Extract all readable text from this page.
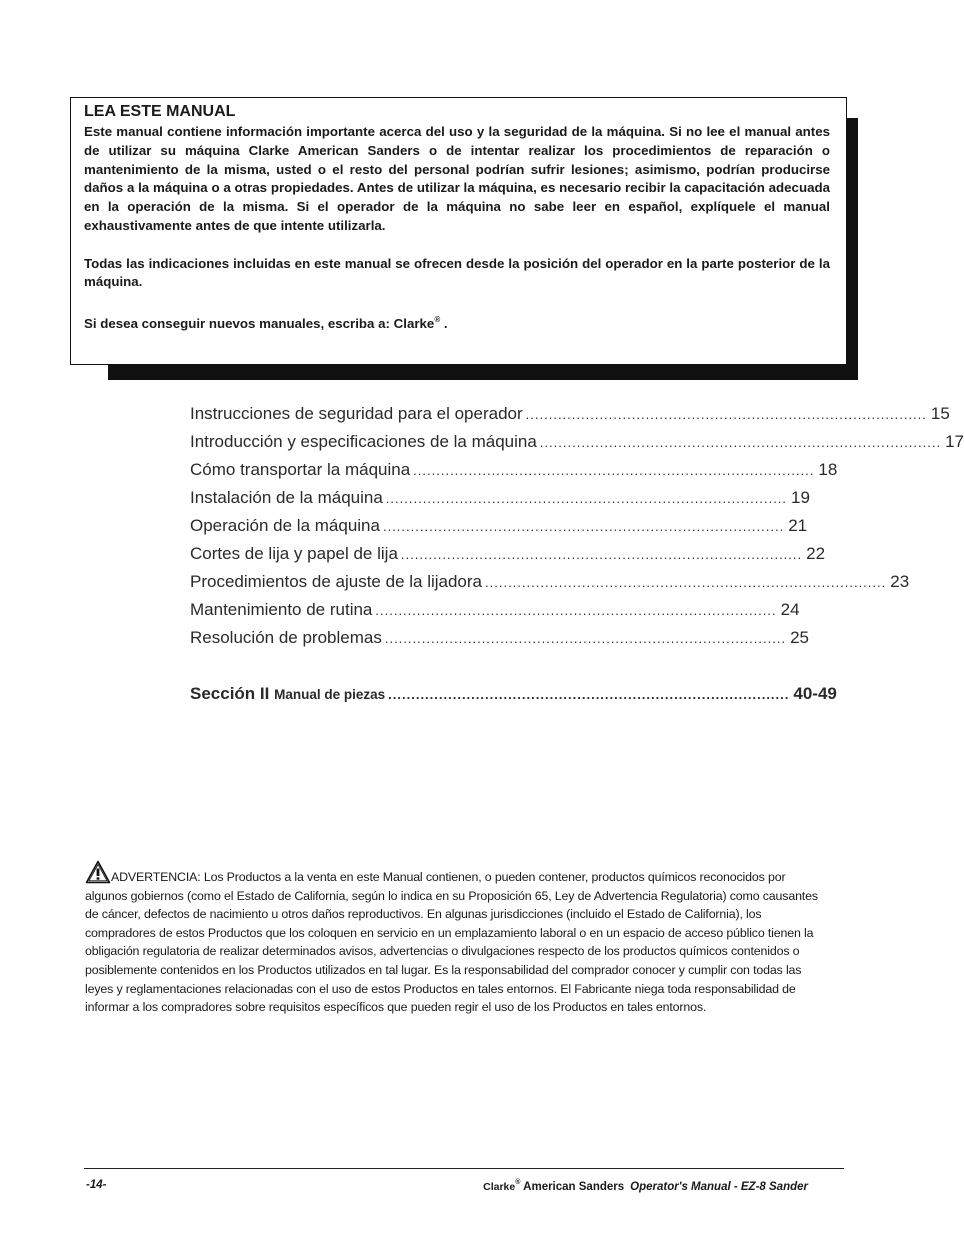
LEA ESTE MANUAL

Este manual contiene información importante acerca del uso y la seguridad de la máquina. Si no lee el manual antes de utilizar su máquina Clarke American Sanders o de intentar realizar los procedimientos de reparación o mantenimiento de la misma, usted o el resto del personal podrían sufrir lesiones; asimismo, podrían producirse daños a la máquina o a otras propiedades. Antes de utilizar la máquina, es necesario recibir la capacitación adecuada en la operación de la misma. Si el operador de la máquina no sabe leer en español, explíquele el manual exhaustivamente antes de que intente utilizarla.

Todas las indicaciones incluidas en este manual se ofrecen desde la posición del operador en la parte posterior de la máquina.

Si desea conseguir nuevos manuales, escriba a: Clarke® .

Instrucciones de seguridad para el operador ....................................................................................... 15
Introducción y especificaciones de la máquina ....................................................................................... 17
Cómo transportar la máquina ....................................................................................... 18
Instalación de la máquina ....................................................................................... 19
Operación de la máquina ....................................................................................... 21
Cortes de lija y papel de lija ....................................................................................... 22
Procedimientos de ajuste de la lijadora ....................................................................................... 23
Mantenimiento de rutina ....................................................................................... 24
Resolución de problemas ....................................................................................... 25
Sección II Manual de piezas ....................................................................................... 40-49
ADVERTENCIA: Los Productos a la venta en este Manual contienen, o pueden contener, productos químicos reconocidos por algunos gobiernos (como el Estado de California, según lo indica en su Proposición 65, Ley de Advertencia Regulatoria) como causantes de cáncer, defectos de nacimiento u otros daños reproductivos. En algunas jurisdicciones (incluido el Estado de California), los compradores de estos Productos que los coloquen en servicio en un emplazamiento laboral o en un espacio de acceso público tienen la obligación regulatoria de realizar determinados avisos, advertencias o divulgaciones respecto de los productos químicos contenidos o posiblemente contenidos en los Productos utilizados en tal lugar. Es la responsabilidad del comprador conocer y cumplir con todas las leyes y reglamentaciones relacionadas con el uso de estos Productos en tales entornos. El Fabricante niega toda responsabilidad de informar a los compradores sobre requisitos específicos que pueden regir el uso de los Productos en tales entornos.
-14-	Clarke® American Sanders Operator's Manual - EZ-8 Sander
